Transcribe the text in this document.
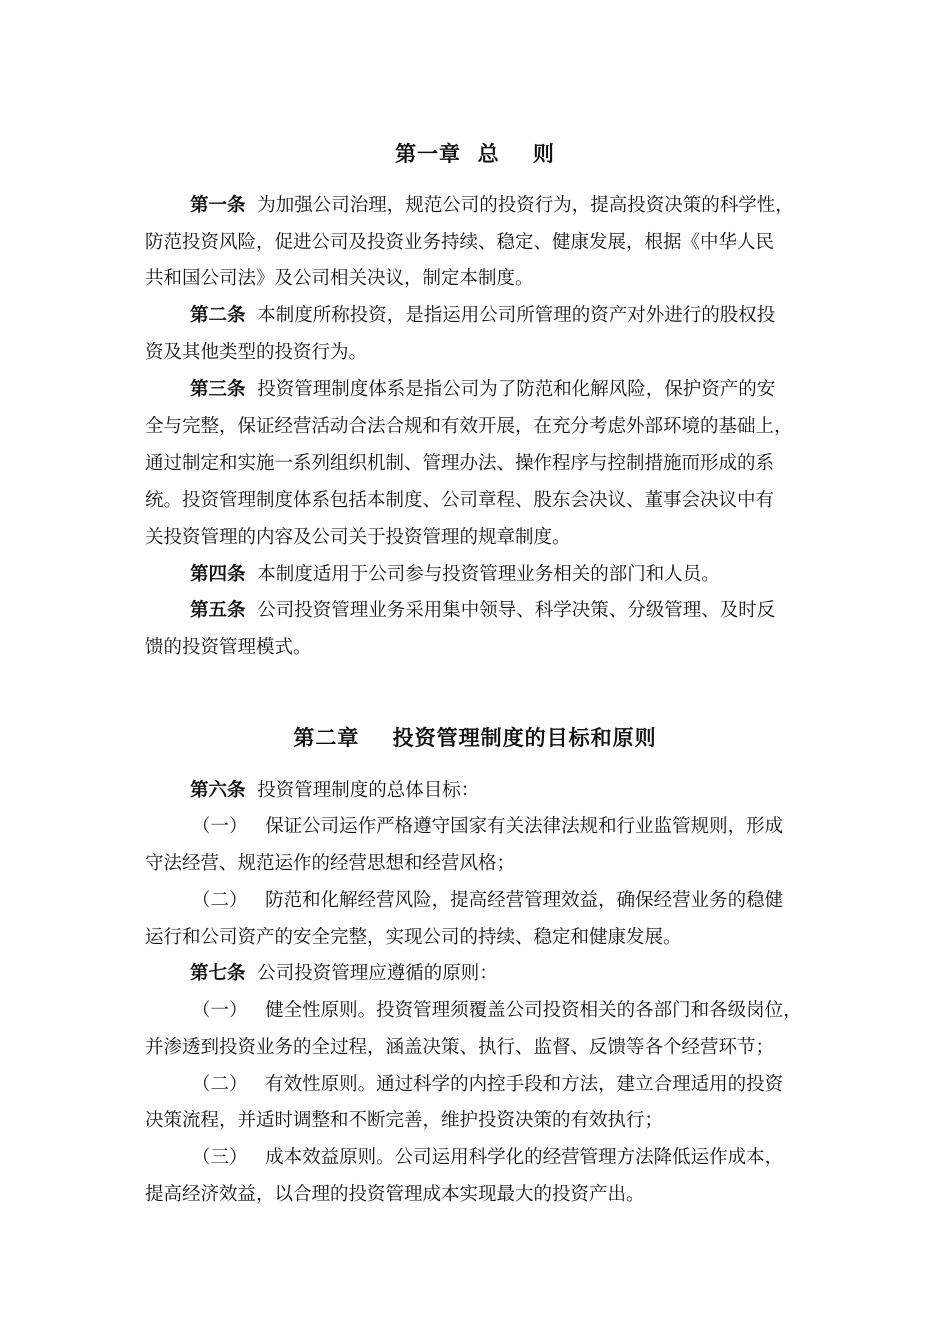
第一章  总    则
第一条  为加强公司治理，规范公司的投资行为，提高投资决策的科学性，
防范投资风险，促进公司及投资业务持续、稳定、健康发展，根据《中华人民
共和国公司法》及公司相关决议，制定本制度。
第二条  本制度所称投资，是指运用公司所管理的资产对外进行的股权投
资及其他类型的投资行为。
第三条  投资管理制度体系是指公司为了防范和化解风险，保护资产的安
全与完整，保证经营活动合法合规和有效开展，在充分考虑外部环境的基础上，
通过制定和实施一系列组织机制、管理办法、操作程序与控制措施而形成的系
统。投资管理制度体系包括本制度、公司章程、股东会决议、董事会决议中有
关投资管理的内容及公司关于投资管理的规章制度。
第四条  本制度适用于公司参与投资管理业务相关的部门和人员。
第五条  公司投资管理业务采用集中领导、科学决策、分级管理、及时反
馈的投资管理模式。
第二章    投资管理制度的目标和原则
第六条  投资管理制度的总体目标：
（一）   保证公司运作严格遵守国家有关法律法规和行业监管规则，形成
守法经营、规范运作的经营思想和经营风格；
（二）   防范和化解经营风险，提高经营管理效益，确保经营业务的稳健
运行和公司资产的安全完整，实现公司的持续、稳定和健康发展。
第七条  公司投资管理应遵循的原则：
（一）   健全性原则。投资管理须覆盖公司投资相关的各部门和各级岗位，
并渗透到投资业务的全过程，涵盖决策、执行、监督、反馈等各个经营环节；
（二）   有效性原则。通过科学的内控手段和方法，建立合理适用的投资
决策流程，并适时调整和不断完善，维护投资决策的有效执行；
（三）   成本效益原则。公司运用科学化的经营管理方法降低运作成本，
提高经济效益，以合理的投资管理成本实现最大的投资产出。
